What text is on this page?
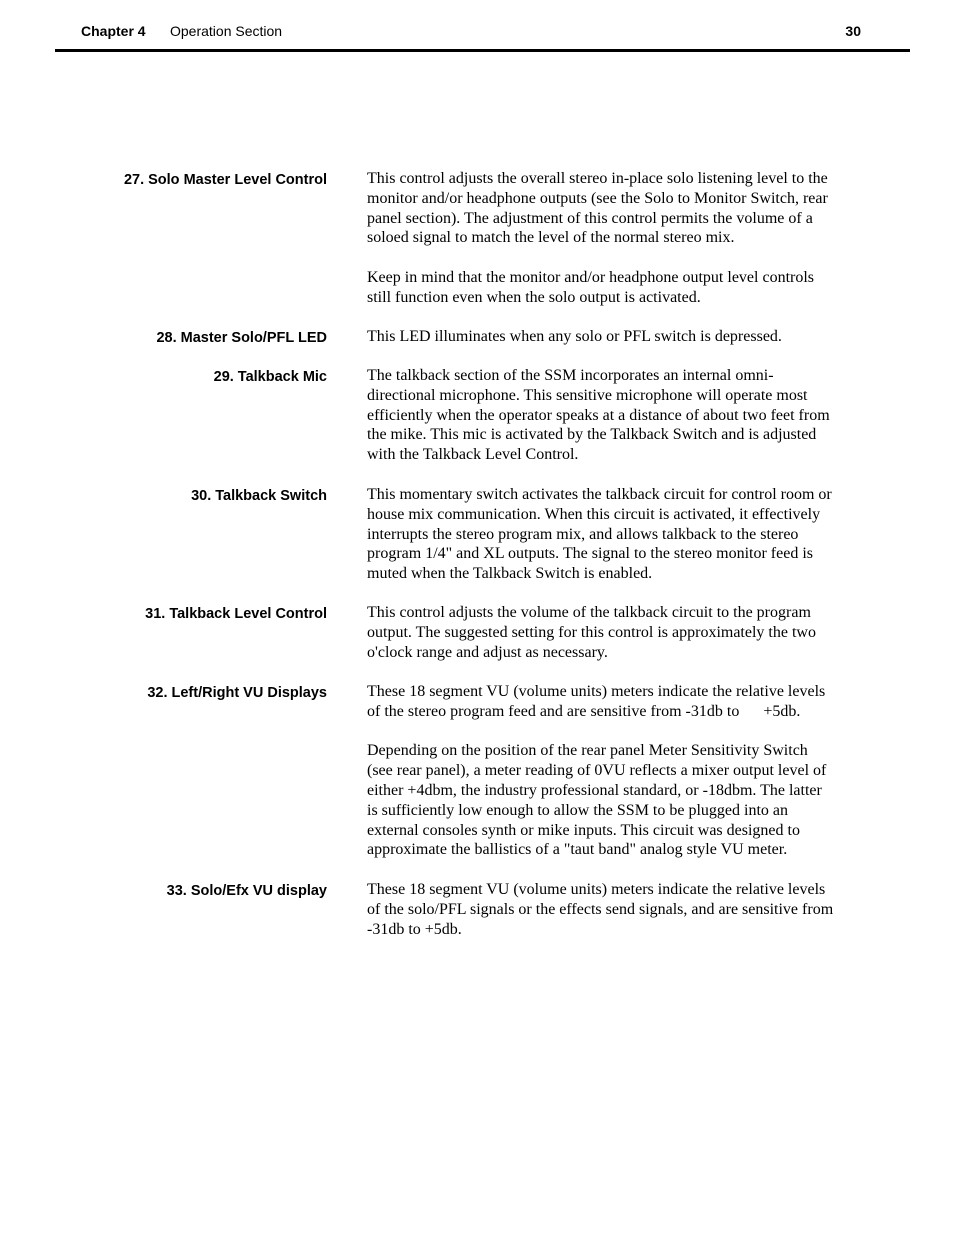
Chapter 4 Operation Section	30
27. Solo Master Level Control	This control adjusts the overall stereo in-place solo listening level to the
monitor and/or headphone outputs (see the Solo to Monitor Switch, rear
panel section). The adjustment of this control permits the volume of a
soloed signal to match the level of the normal stereo mix.

Keep in mind that the monitor and/or headphone output level controls
still function even when the solo output is activated.

28. Master Solo/PFL LED	This LED illuminates when any solo or PFL switch is depressed.

29. Talkback Mic	The talkback section of the SSM incorporates an internal omni-
directional microphone. This sensitive microphone will operate most
efficiently when the operator speaks at a distance of about two feet from
the mike. This mic is activated by the Talkback Switch and is adjusted
with the Talkback Level Control.

30. Talkback Switch	This momentary switch activates the talkback circuit for control room or
house mix communication. When this circuit is activated, it effectively
interrupts the stereo program mix, and allows talkback to the stereo
program 1/4" and XL outputs. The signal to the stereo monitor feed is
muted when the Talkback Switch is enabled.

31. Talkback Level Control	This control adjusts the volume of the talkback circuit to the program
output. The suggested setting for this control is approximately the two
o'clock range and adjust as necessary.

32. Left/Right VU Displays	These 18 segment VU (volume units) meters indicate the relative levels
of the stereo program feed and are sensitive from -31db to      +5db.

Depending on the position of the rear panel Meter Sensitivity Switch
(see rear panel), a meter reading of 0VU reflects a mixer output level of
either +4dbm, the industry professional standard, or -18dbm. The latter
is sufficiently low enough to allow the SSM to be plugged into an
external consoles synth or mike inputs. This circuit was designed to
approximate the ballistics of a "taut band" analog style VU meter.

33. Solo/Efx VU display	These 18 segment VU (volume units) meters indicate the relative levels
of the solo/PFL signals or the effects send signals, and are sensitive from
-31db to +5db.
